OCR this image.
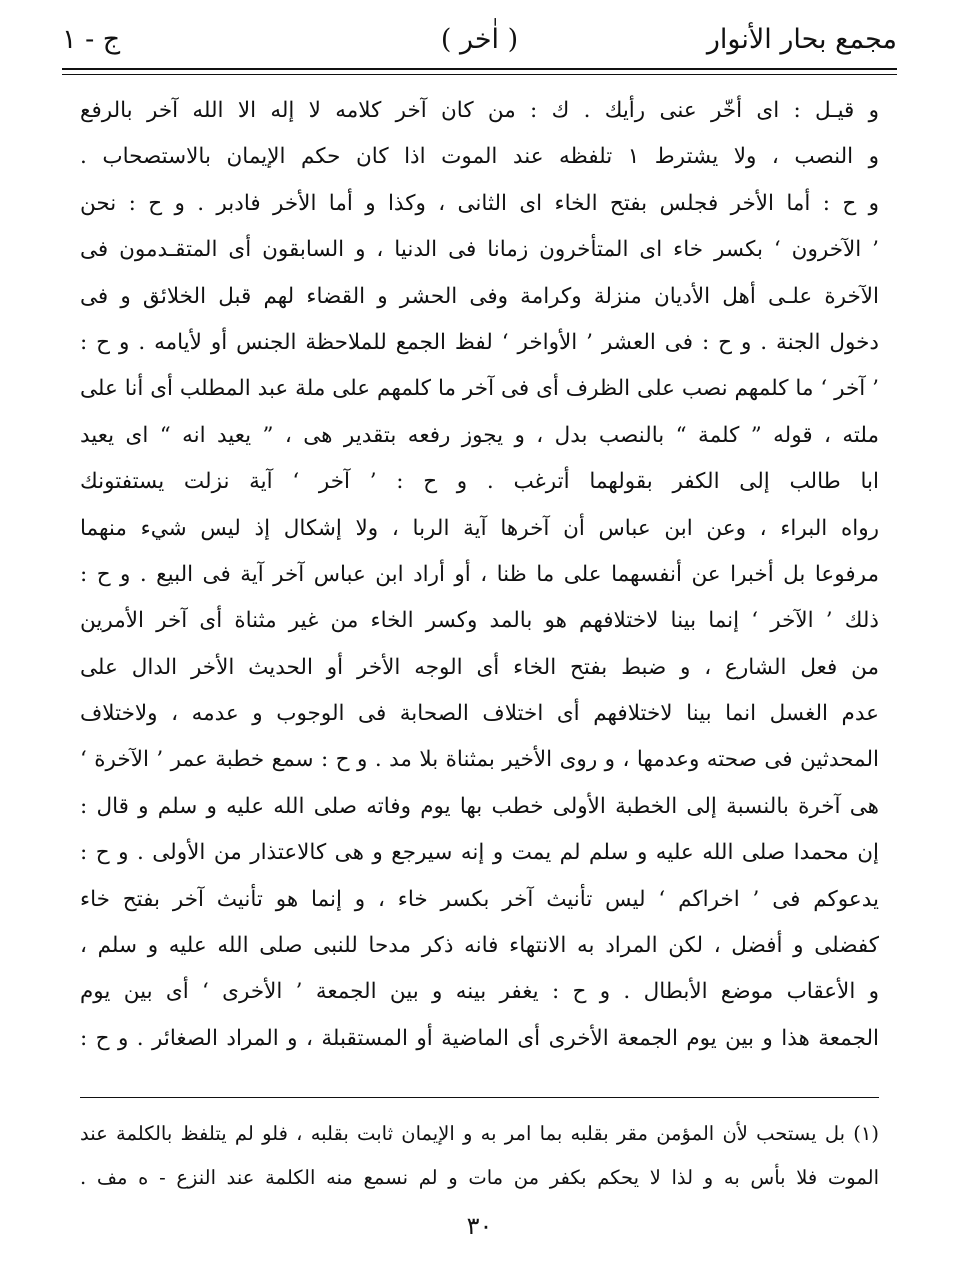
مجمع بحار الأنوار
( اٰخر )
ج - ١
و قيـل : اى أخّر عنى رأيك . ك : من كان آخر كلامه لا إله الا الله آخر بالرفع
و النصب ، ولا يشترط ١ تلفظه عند الموت اذا كان حكم الإيمان بالاستصحاب .
و ح : أما الأخر فجلس بفتح الخاء اى الثانى ، وكذا و أما الأخر فادبر . و ح : نحن
’ الآخرون ‘ بكسر خاء اى المتأخرون زمانا فى الدنيا ، و السابقون أى المتقـدمون فى
الآخرة علـى أهل الأديان منزلة وكرامة وفى الحشر و القضاء لهم قبل الخلائق و فى
دخول الجنة . و ح : فى العشر ’ الأواخر ‘ لفظ الجمع للملاحظة الجنس أو لأيامه . و ح :
’ آخر ‘ ما كلمهم نصب على الظرف أى فى آخر ما كلمهم على ملة عبد المطلب أى أنا على
ملته ، قوله ” كلمة “ بالنصب بدل ، و يجوز رفعه بتقدير هى ، ” يعيد انه “ اى يعيد
ابا طالب إلى الكفر بقولهما أترغب . و ح : ’ آخر ‘ آية نزلت يستفتونك
رواه البراء ، وعن ابن عباس أن آخرها آية الربا ، ولا إشكال إذ ليس شيء منهما
مرفوعا بل أخبرا عن أنفسهما على ما ظنا ، أو أراد ابن عباس آخر آية فى البيع . و ح :
ذلك ’ الآخر ‘ إنما بينا لاختلافهم هو بالمد وكسر الخاء من غير مثناة أى آخر الأمرين
من فعل الشارع ، و ضبط بفتح الخاء أى الوجه الأخر أو الحديث الأخر الدال على
عدم الغسل انما بينا لاختلافهم أى اختلاف الصحابة فى الوجوب و عدمه ، ولاختلاف
المحدثين فى صحته وعدمها ، و روى الأخير بمثناة بلا مد . و ح : سمع خطبة عمر ’ الآخرة ‘
هى آخرة بالنسبة إلى الخطبة الأولى خطب بها يوم وفاته صلى الله عليه و سلم و قال :
إن محمدا صلى الله عليه و سلم لم يمت و إنه سيرجع و هى كالاعتذار من الأولى . و ح :
يدعوكم فى ’ اخراكم ‘ ليس تأنيث آخر بكسر خاء ، و إنما هو تأنيث آخر بفتح خاء
كفضلى و أفضل ، لكن المراد به الانتهاء فانه ذكر مدحا للنبى صلى الله عليه و سلم ،
و الأعقاب موضع الأبطال . و ح : يغفر بينه و بين الجمعة ’ الأخرى ‘ أى بين يوم
الجمعة هذا و بين يوم الجمعة الأخرى أى الماضية أو المستقبلة ، و المراد الصغائر . و ح :
(١) بل يستحب لأن المؤمن مقر بقلبه بما امر به و الإيمان ثابت بقلبه ، فلو لم يتلفظ بالكلمة عند
الموت فلا بأس به و لذا لا يحكم بكفر من مات و لم نسمع منه الكلمة عند النزع - ه مف .
٣٠
